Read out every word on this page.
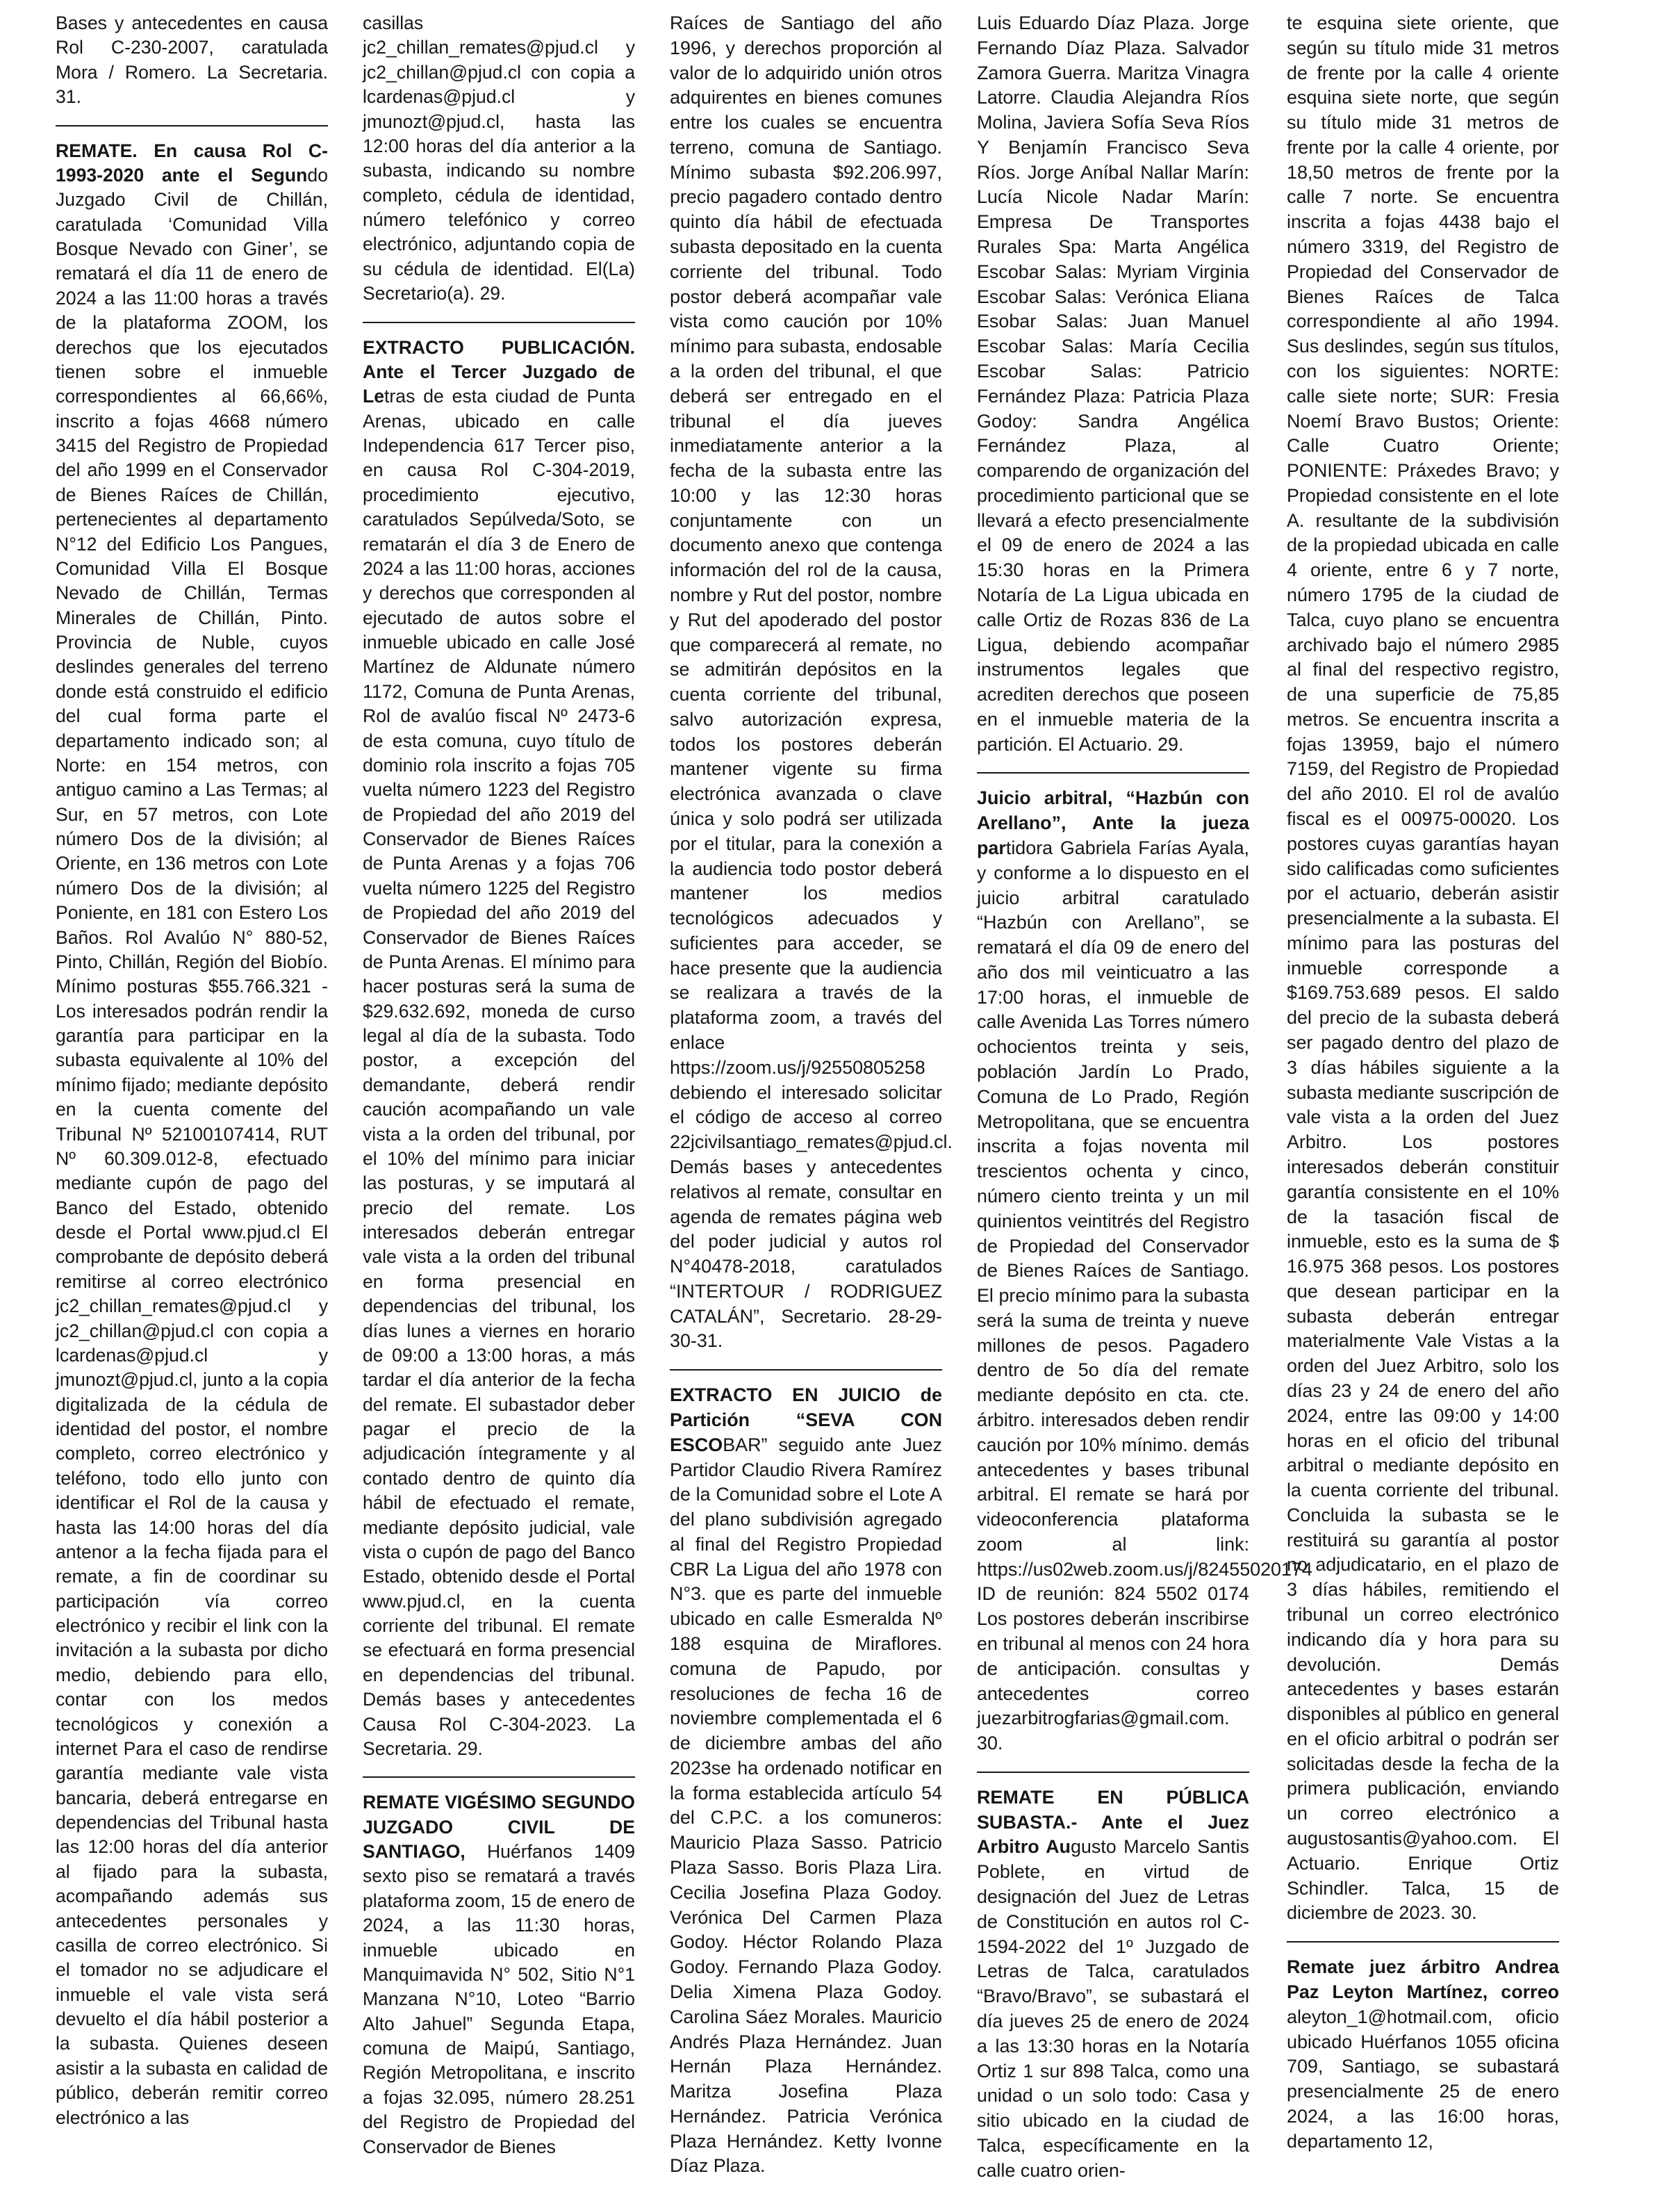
Bases y antecedentes en causa Rol C-230-2007, caratulada Mora / Romero. La Secretaria. 31.

REMATE. En causa Rol C-1993-2020 ante el Segundo Juzgado Civil de Chillán, caratulada ‘Comunidad Villa Bosque Nevado con Giner’, se rematará el día 11 de enero de 2024 a las 11:00 horas a través de la plataforma ZOOM, los derechos que los ejecutados tienen sobre el inmueble correspondientes al 66,66%, inscrito a fojas 4668 número 3415 del Registro de Propiedad del año 1999 en el Conservador de Bienes Raíces de Chillán, pertenecientes al departamento N°12 del Edificio Los Pangues, Comunidad Villa El Bosque Nevado de Chillán, Termas Minerales de Chillán, Pinto. Provincia de Nuble, cuyos deslindes generales del terreno donde está construido el edificio del cual forma parte el departamento indicado son; al Norte: en 154 metros, con antiguo camino a Las Termas; al Sur, en 57 metros, con Lote número Dos de la división; al Oriente, en 136 metros con Lote número Dos de la división; al Poniente, en 181 con Estero Los Baños. Rol Avalúo N° 880-52, Pinto, Chillán, Región del Biobío. Mínimo posturas $55.766.321 - Los interesados podrán rendir la garantía para participar en la subasta equivalente al 10% del mínimo fijado; mediante depósito en la cuenta comente del Tribunal Nº 52100107414, RUT Nº 60.309.012-8, efectuado mediante cupón de pago del Banco del Estado, obtenido desde el Portal www.pjud.cl El comprobante de depósito deberá remitirse al correo electrónico jc2_chillan_remates@pjud.cl y jc2_chillan@pjud.cl con copia a lcardenas@pjud.cl y jmunozt@pjud.cl, junto a la copia digitalizada de la cédula de identidad del postor, el nombre completo, correo electrónico y teléfono, todo ello junto con identificar el Rol de la causa y hasta las 14:00 horas del día antenor a la fecha fijada para el remate, a fin de coordinar su participación vía correo electrónico y recibir el link con la invitación a la subasta por dicho medio, debiendo para ello, contar con los medos tecnológicos y conexión a internet Para el caso de rendirse garantía mediante vale vista bancaria, deberá entregarse en dependencias del Tribunal hasta las 12:00 horas del día anterior al fijado para la subasta, acompañando además sus antecedentes personales y casilla de correo electrónico. Si el tomador no se adjudicare el inmueble el vale vista será devuelto el día hábil posterior a la subasta. Quienes deseen asistir a la subasta en calidad de público, deberán remitir correo electrónico a las

casillas jc2_chillan_remates@pjud.cl y jc2_chillan@pjud.cl con copia a lcardenas@pjud.cl y jmunozt@pjud.cl, hasta las 12:00 horas del día anterior a la subasta, indicando su nombre completo, cédula de identidad, número telefónico y correo electrónico, adjuntando copia de su cédula de identidad. El(La) Secretario(a). 29.

EXTRACTO PUBLICACIÓN. Ante el Tercer Juzgado de Letras de esta ciudad de Punta Arenas, ubicado en calle Independencia 617 Tercer piso, en causa Rol C-304-2019, procedimiento ejecutivo, caratulados Sepúlveda/Soto, se rematarán el día 3 de Enero de 2024 a las 11:00 horas, acciones y derechos que corresponden al ejecutado de autos sobre el inmueble ubicado en calle José Martínez de Aldunate número 1172, Comuna de Punta Arenas, Rol de avalúo fiscal Nº 2473-6 de esta comuna, cuyo título de dominio rola inscrito a fojas 705 vuelta número 1223 del Registro de Propiedad del año 2019 del Conservador de Bienes Raíces de Punta Arenas y a fojas 706 vuelta número 1225 del Registro de Propiedad del año 2019 del Conservador de Bienes Raíces de Punta Arenas. El mínimo para hacer posturas será la suma de $29.632.692, moneda de curso legal al día de la subasta. Todo postor, a excepción del demandante, deberá rendir caución acompañando un vale vista a la orden del tribunal, por el 10% del mínimo para iniciar las posturas, y se imputará al precio del remate. Los interesados deberán entregar vale vista a la orden del tribunal en forma presencial en dependencias del tribunal, los días lunes a viernes en horario de 09:00 a 13:00 horas, a más tardar el día anterior de la fecha del remate. El subastador deber pagar el precio de la adjudicación íntegramente y al contado dentro de quinto día hábil de efectuado el remate, mediante depósito judicial, vale vista o cupón de pago del Banco Estado, obtenido desde el Portal www.pjud.cl, en la cuenta corriente del tribunal. El remate se efectuará en forma presencial en dependencias del tribunal. Demás bases y antecedentes Causa Rol C-304-2023. La Secretaria. 29.

REMATE VIGÉSIMO SEGUNDO JUZGADO CIVIL DE SANTIAGO, Huérfanos 1409 sexto piso se rematará a través plataforma zoom, 15 de enero de 2024, a las 11:30 horas, inmueble ubicado en Manquimavida N° 502, Sitio N°1 Manzana N°10, Loteo “Barrio Alto Jahuel” Segunda Etapa, comuna de Maipú, Santiago, Región Metropolitana, e inscrito a fojas 32.095, número 28.251 del Registro de Propiedad del Conservador de Bienes

Raíces de Santiago del año 1996, y derechos proporción al valor de lo adquirido unión otros adquirentes en bienes comunes entre los cuales se encuentra terreno, comuna de Santiago. Mínimo subasta $92.206.997, precio pagadero contado dentro quinto día hábil de efectuada subasta depositado en la cuenta corriente del tribunal. Todo postor deberá acompañar vale vista como caución por 10% mínimo para subasta, endosable a la orden del tribunal, el que deberá ser entregado en el tribunal el día jueves inmediatamente anterior a la fecha de la subasta entre las 10:00 y las 12:30 horas conjuntamente con un documento anexo que contenga información del rol de la causa, nombre y Rut del postor, nombre y Rut del apoderado del postor que comparecerá al remate, no se admitirán depósitos en la cuenta corriente del tribunal, salvo autorización expresa, todos los postores deberán mantener vigente su firma electrónica avanzada o clave única y solo podrá ser utilizada por el titular, para la conexión a la audiencia todo postor deberá mantener los medios tecnológicos adecuados y suficientes para acceder, se hace presente que la audiencia se realizara a través de la plataforma zoom, a través del enlace https://zoom.us/j/92550805258 debiendo el interesado solicitar el código de acceso al correo 22jcivilsantiago_remates@pjud.cl. Demás bases y antecedentes relativos al remate, consultar en agenda de remates página web del poder judicial y autos rol N°40478-2018, caratulados “INTERTOUR / RODRIGUEZ CATALÁN”, Secretario. 28-29-30-31.

EXTRACTO EN JUICIO de Partición “SEVA CON ESCOBAR” seguido ante Juez Partidor Claudio Rivera Ramírez de la Comunidad sobre el Lote A del plano subdivisión agregado al final del Registro Propiedad CBR La Ligua del año 1978 con N°3. que es parte del inmueble ubicado en calle Esmeralda Nº 188 esquina de Miraflores. comuna de Papudo, por resoluciones de fecha 16 de noviembre complementada el 6 de diciembre ambas del año 2023se ha ordenado notificar en la forma establecida artículo 54 del C.P.C. a los comuneros: Mauricio Plaza Sasso. Patricio Plaza Sasso. Boris Plaza Lira. Cecilia Josefina Plaza Godoy. Verónica Del Carmen Plaza Godoy. Héctor Rolando Plaza Godoy. Fernando Plaza Godoy. Delia Ximena Plaza Godoy. Carolina Sáez Morales. Mauricio Andrés Plaza Hernández. Juan Hernán Plaza Hernández. Maritza Josefina Plaza Hernández. Patricia Verónica Plaza Hernández. Ketty Ivonne Díaz Plaza.

Luis Eduardo Díaz Plaza. Jorge Fernando Díaz Plaza. Salvador Zamora Guerra. Maritza Vinagra Latorre. Claudia Alejandra Ríos Molina, Javiera Sofía Seva Ríos Y Benjamín Francisco Seva Ríos. Jorge Aníbal Nallar Marín: Lucía Nicole Nadar Marín: Empresa De Transportes Rurales Spa: Marta Angélica Escobar Salas: Myriam Virginia Escobar Salas: Verónica Eliana Esobar Salas: Juan Manuel Escobar Salas: María Cecilia Escobar Salas: Patricio Fernández Plaza: Patricia Plaza Godoy: Sandra Angélica Fernández Plaza, al comparendo de organización del procedimiento particional que se llevará a efecto presencialmente el 09 de enero de 2024 a las 15:30 horas en la Primera Notaría de La Ligua ubicada en calle Ortiz de Rozas 836 de La Ligua, debiendo acompañar instrumentos legales que acrediten derechos que poseen en el inmueble materia de la partición. El Actuario. 29.

Juicio arbitral, “Hazbún con Arellano”, Ante la jueza partidora Gabriela Farías Ayala, y conforme a lo dispuesto en el juicio arbitral caratulado “Hazbún con Arellano”, se rematará el día 09 de enero del año dos mil veinticuatro a las 17:00 horas, el inmueble de calle Avenida Las Torres número ochocientos treinta y seis, población Jardín Lo Prado, Comuna de Lo Prado, Región Metropolitana, que se encuentra inscrita a fojas noventa mil trescientos ochenta y cinco, número ciento treinta y un mil quinientos veintitrés del Registro de Propiedad del Conservador de Bienes Raíces de Santiago. El precio mínimo para la subasta será la suma de treinta y nueve millones de pesos. Pagadero dentro de 5o día del remate mediante depósito en cta. cte. árbitro. interesados deben rendir caución por 10% mínimo. demás antecedentes y bases tribunal arbitral. El remate se hará por videoconferencia plataforma zoom al link: https://us02web.zoom.us/j/82455020174 ID de reunión: 824 5502 0174 Los postores deberán inscribirse en tribunal al menos con 24 hora de anticipación. consultas y antecedentes correo juezarbitrogfarias@gmail.com. 30.

REMATE EN PÚBLICA SUBASTA.- Ante el Juez Arbitro Augusto Marcelo Santis Poblete, en virtud de designación del Juez de Letras de Constitución en autos rol C-1594-2022 del 1º Juzgado de Letras de Talca, caratulados “Bravo/Bravo”, se subastará el día jueves 25 de enero de 2024 a las 13:30 horas en la Notaría Ortiz 1 sur 898 Talca, como una unidad o un solo todo: Casa y sitio ubicado en la ciudad de Talca, específicamente en la calle cuatro orien-

te esquina siete oriente, que según su título mide 31 metros de frente por la calle 4 oriente esquina siete norte, que según su título mide 31 metros de frente por la calle 4 oriente, por 18,50 metros de frente por la calle 7 norte. Se encuentra inscrita a fojas 4438 bajo el número 3319, del Registro de Propiedad del Conservador de Bienes Raíces de Talca correspondiente al año 1994. Sus deslindes, según sus títulos, con los siguientes: NORTE: calle siete norte; SUR: Fresia Noemí Bravo Bustos; Oriente: Calle Cuatro Oriente; PONIENTE: Práxedes Bravo; y Propiedad consistente en el lote A. resultante de la subdivisión de la propiedad ubicada en calle 4 oriente, entre 6 y 7 norte, número 1795 de la ciudad de Talca, cuyo plano se encuentra archivado bajo el número 2985 al final del respectivo registro, de una superficie de 75,85 metros. Se encuentra inscrita a fojas 13959, bajo el número 7159, del Registro de Propiedad del año 2010. El rol de avalúo fiscal es el 00975-00020. Los postores cuyas garantías hayan sido calificadas como suficientes por el actuario, deberán asistir presencialmente a la subasta. El mínimo para las posturas del inmueble corresponde a $169.753.689 pesos. El saldo del precio de la subasta deberá ser pagado dentro del plazo de 3 días hábiles siguiente a la subasta mediante suscripción de vale vista a la orden del Juez Arbitro. Los postores interesados deberán constituir garantía consistente en el 10% de la tasación fiscal de inmueble, esto es la suma de $ 16.975 368 pesos. Los postores que desean participar en la subasta deberán entregar materialmente Vale Vistas a la orden del Juez Arbitro, solo los días 23 y 24 de enero del año 2024, entre las 09:00 y 14:00 horas en el oficio del tribunal arbitral o mediante depósito en la cuenta corriente del tribunal. Concluida la subasta se le restituirá su garantía al postor no adjudicatario, en el plazo de 3 días hábiles, remitiendo el tribunal un correo electrónico indicando día y hora para su devolución. Demás antecedentes y bases estarán disponibles al público en general en el oficio arbitral o podrán ser solicitadas desde la fecha de la primera publicación, enviando un correo electrónico a augustosantis@yahoo.com. El Actuario. Enrique Ortiz Schindler. Talca, 15 de diciembre de 2023. 30.

Remate juez árbitro Andrea Paz Leyton Martínez, correo aleyton_1@hotmail.com, oficio ubicado Huérfanos 1055 oficina 709, Santiago, se subastará presencialmente 25 de enero 2024, a las 16:00 horas, departamento 12,
